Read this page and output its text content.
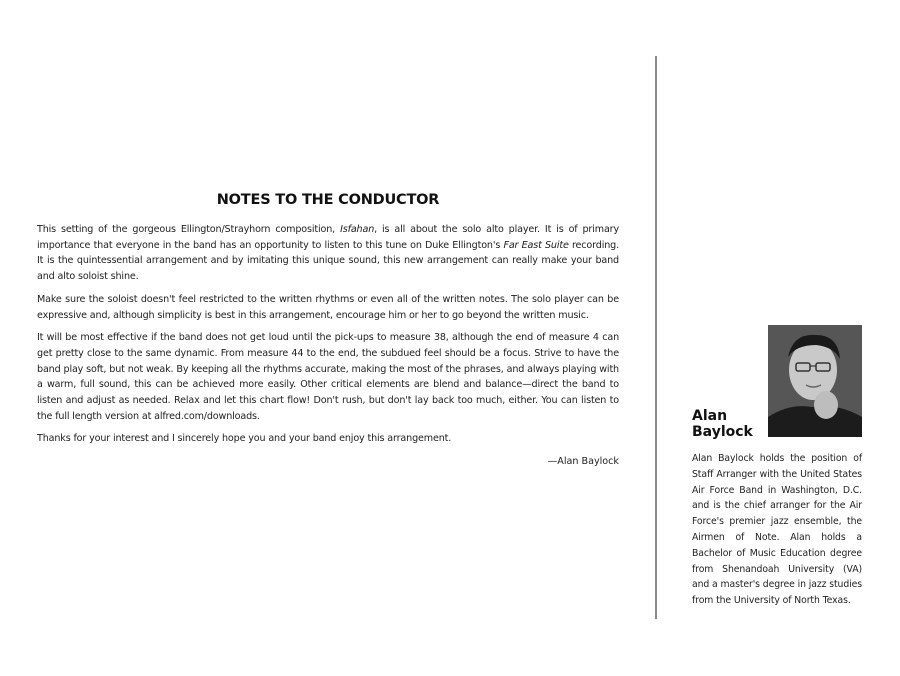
NOTES TO THE CONDUCTOR

This setting of the gorgeous Ellington/Strayhorn composition, Isfahan, is all about the solo alto player. It is of primary importance that everyone in the band has an opportunity to listen to this tune on Duke Ellington's Far East Suite recording. It is the quintessential arrangement and by imitating this unique sound, this new arrangement can really make your band and alto soloist shine.

Make sure the soloist doesn't feel restricted to the written rhythms or even all of the written notes. The solo player can be expressive and, although simplicity is best in this arrangement, encourage him or her to go beyond the written music.

It will be most effective if the band does not get loud until the pick-ups to measure 38, although the end of measure 4 can get pretty close to the same dynamic. From measure 44 to the end, the subdued feel should be a focus. Strive to have the band play soft, but not weak. By keeping all the rhythms accurate, making the most of the phrases, and always playing with a warm, full sound, this can be achieved more easily. Other critical elements are blend and balance—direct the band to listen and adjust as needed. Relax and let this chart flow! Don't rush, but don't lay back too much, either. You can listen to the full length version at alfred.com/downloads.

Thanks for your interest and I sincerely hope you and your band enjoy this arrangement.

—Alan Baylock
Alan
Baylock
Alan Baylock holds the position of Staff Arranger with the United States Air Force Band in Washington, D.C. and is the chief arranger for the Air Force's premier jazz ensemble, the Airmen of Note. Alan holds a Bachelor of Music Education degree from Shenandoah University (VA) and a master's degree in jazz studies from the University of North Texas.
